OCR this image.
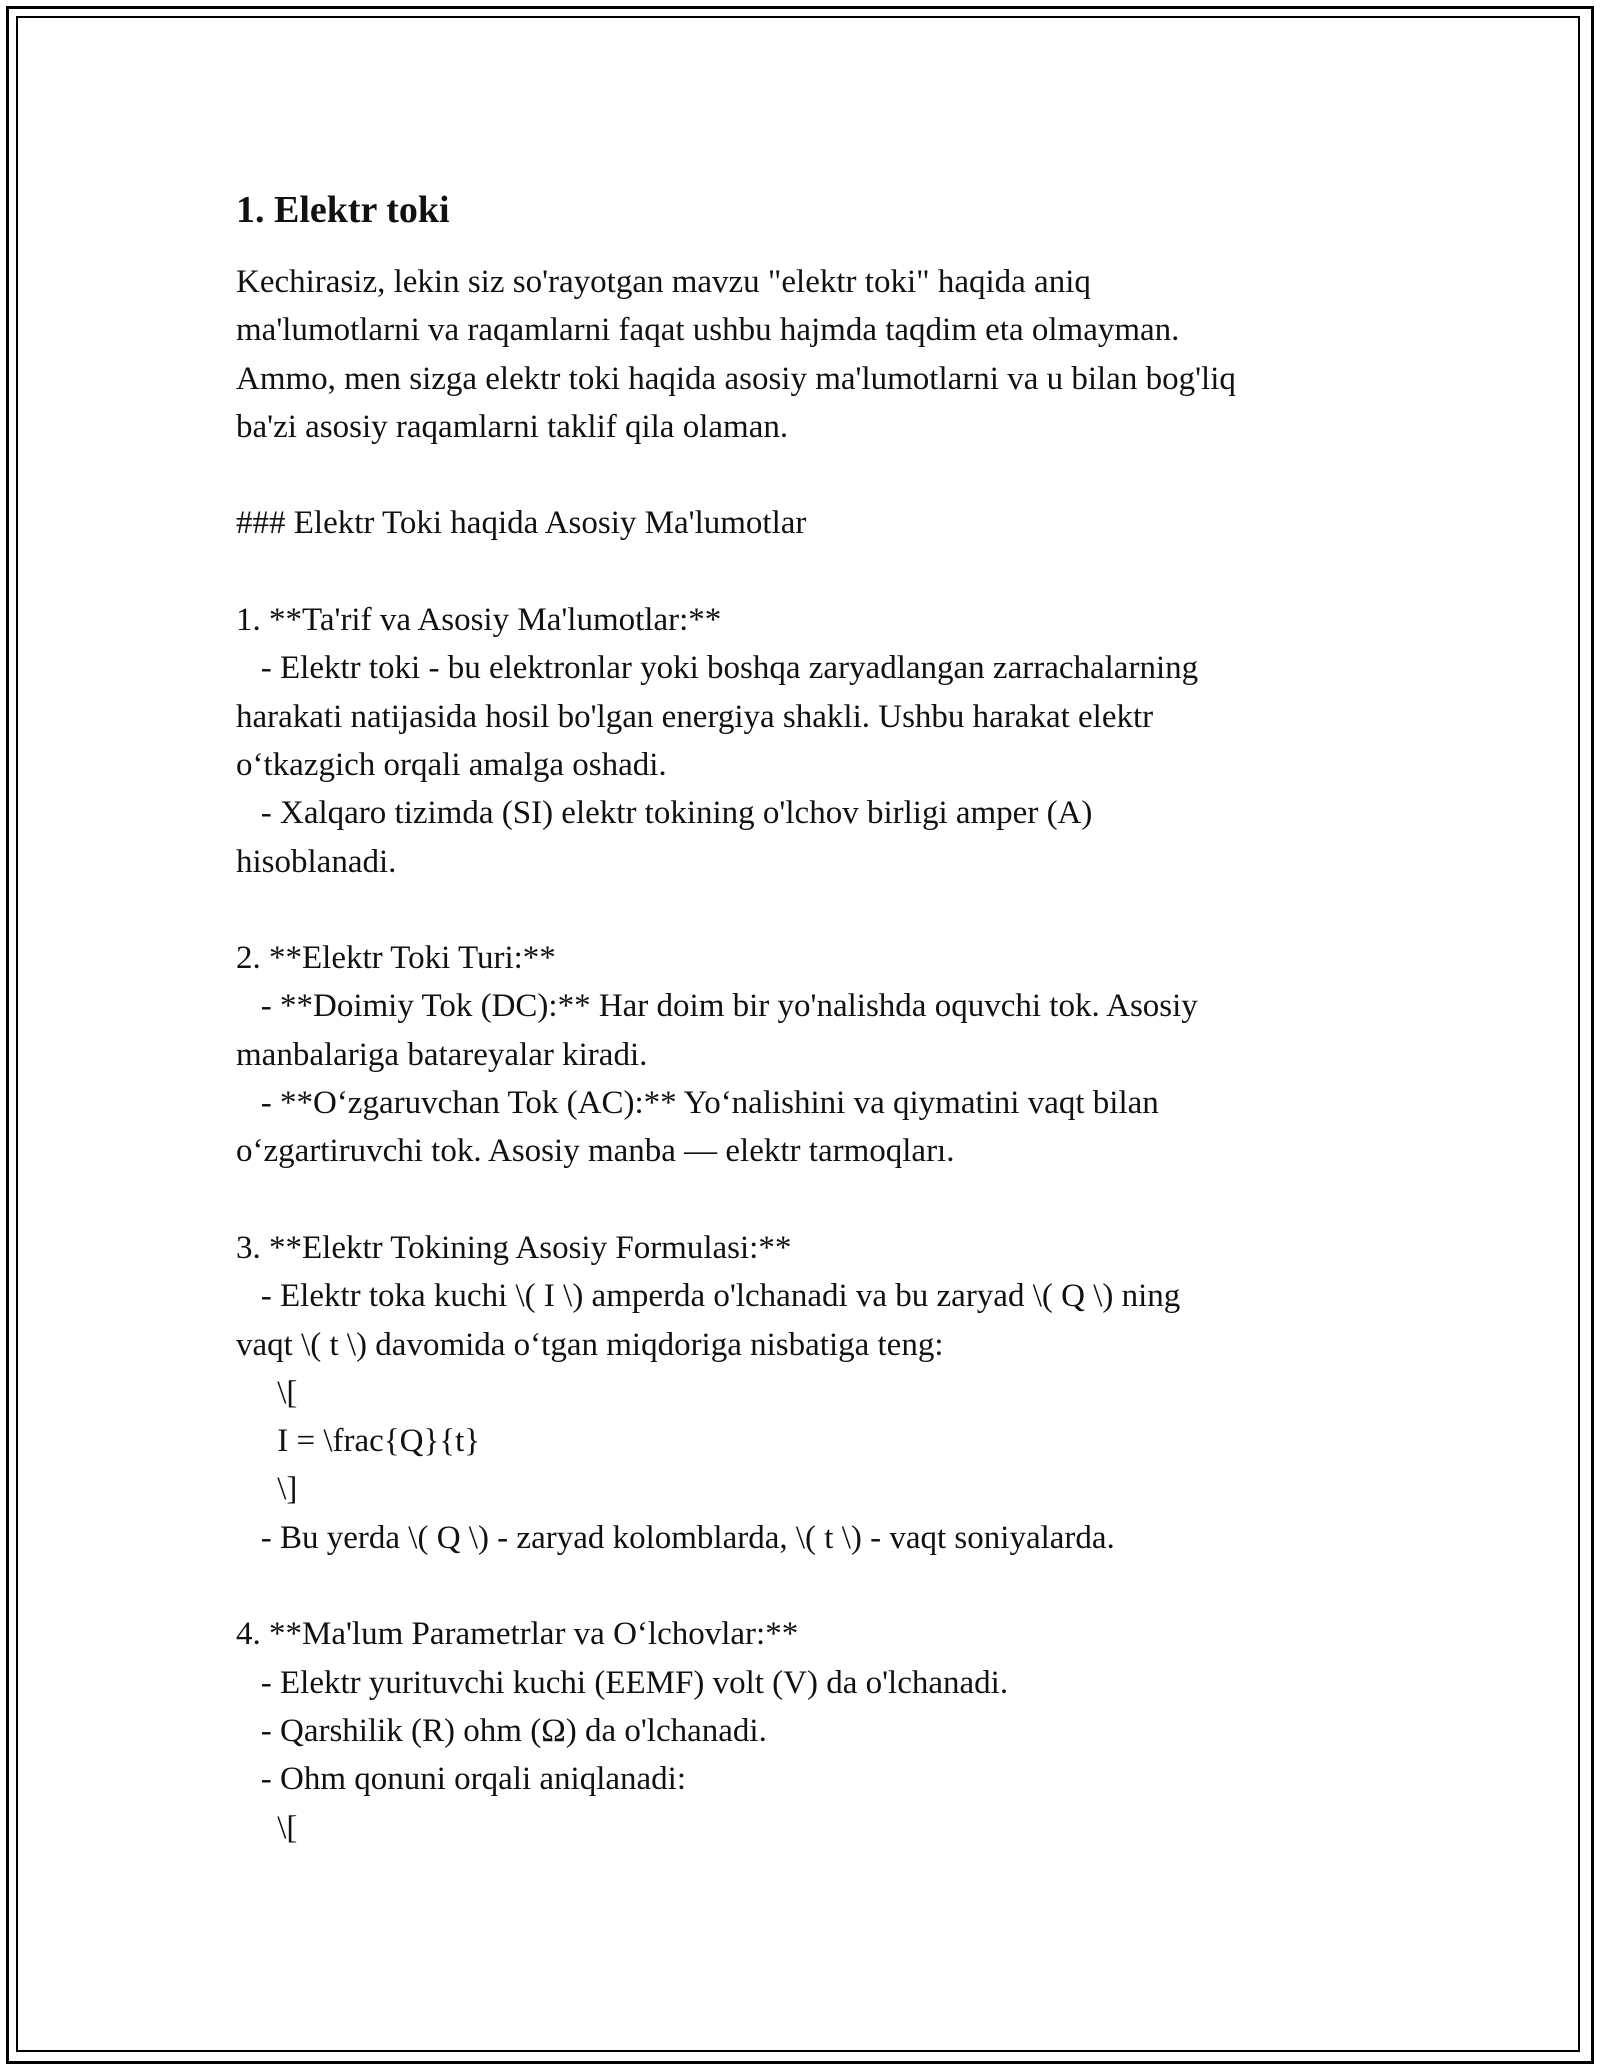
1. Elektr toki

Kechirasiz, lekin siz so'rayotgan mavzu "elektr toki" haqida aniq
ma'lumotlarni va raqamlarni faqat ushbu hajmda taqdim eta olmayman.
Ammo, men sizga elektr toki haqida asosiy ma'lumotlarni va u bilan bog'liq
ba'zi asosiy raqamlarni taklif qila olaman.

### Elektr Toki haqida Asosiy Ma'lumotlar

1. **Ta'rif va Asosiy Ma'lumotlar:**
- Elektr toki - bu elektronlar yoki boshqa zaryadlangan zarrachalarning
harakati natijasida hosil bo'lgan energiya shakli. Ushbu harakat elektr
o‘tkazgich orqali amalga oshadi.
- Xalqaro tizimda (SI) elektr tokining o'lchov birligi amper (A)
hisoblanadi.

2. **Elektr Toki Turi:**
- **Doimiy Tok (DC):** Har doim bir yo'nalishda oquvchi tok. Asosiy
manbalariga batareyalar kiradi.
- **O‘zgaruvchan Tok (AC):** Yo‘nalishini va qiymatini vaqt bilan
o‘zgartiruvchi tok. Asosiy manba — elektr tarmoqları.

3. **Elektr Tokining Asosiy Formulasi:**
- Elektr toka kuchi \( I \) amperda o'lchanadi va bu zaryad \( Q \) ning
vaqt \( t \) davomida o‘tgan miqdoriga nisbatiga teng:
\[
I = \frac{Q}{t}
\]
- Bu yerda \( Q \) - zaryad kolomblarda, \( t \) - vaqt soniyalarda.

4. **Ma'lum Parametrlar va O‘lchovlar:**
- Elektr yurituvchi kuchi (EEMF) volt (V) da o'lchanadi.
- Qarshilik (R) ohm (Ω) da o'lchanadi.
- Ohm qonuni orqali aniqlanadi:
\[
